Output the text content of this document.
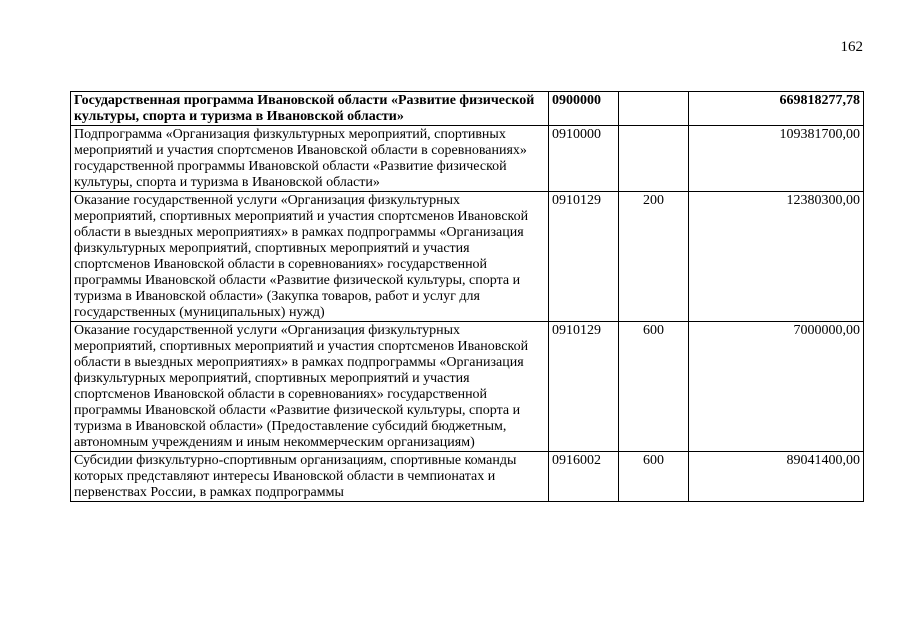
162
Государственная программа Ивановской области «Развитие физической культуры, спорта и туризма в Ивановской области»	0900000		669818277,78
Подпрограмма «Организация физкультурных мероприятий, спортивных мероприятий и участия спортсменов Ивановской области в соревнованиях» государственной программы Ивановской области «Развитие физической культуры, спорта и туризма в Ивановской области»	0910000		109381700,00
Оказание государственной услуги «Организация физкультурных мероприятий, спортивных мероприятий и участия спортсменов Ивановской области в выездных мероприятиях» в рамках подпрограммы «Организация физкультурных мероприятий, спортивных мероприятий и участия спортсменов Ивановской области в соревнованиях» государственной программы Ивановской области «Развитие физической культуры, спорта и туризма в Ивановской области» (Закупка товаров, работ и услуг для государственных (муниципальных) нужд)	0910129	200	12380300,00
Оказание государственной услуги «Организация физкультурных мероприятий, спортивных мероприятий и участия спортсменов Ивановской области в выездных мероприятиях» в рамках подпрограммы «Организация физкультурных мероприятий, спортивных мероприятий и участия спортсменов Ивановской области в соревнованиях» государственной программы Ивановской области «Развитие физической культуры, спорта и туризма в Ивановской области» (Предоставление субсидий бюджетным, автономным учреждениям и иным некоммерческим организациям)	0910129	600	7000000,00
Субсидии физкультурно-спортивным организациям, спортивные команды которых представляют интересы Ивановской области в чемпионатах и первенствах России, в рамках подпрограммы	0916002	600	89041400,00
